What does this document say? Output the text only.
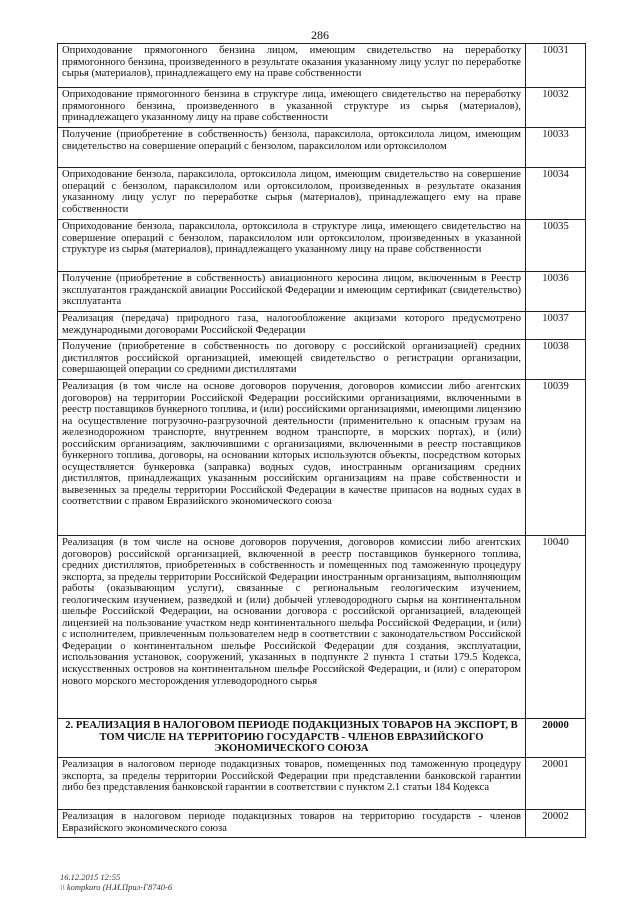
286
Оприходование прямогонного бензина лицом, имеющим свидетельство на переработку прямогонного бензина, произведенного в результате оказания указанному лицу услуг по переработке сырья (материалов), принадлежащего ему на праве собственности	10031
Оприходование прямогонного бензина в структуре лица, имеющего свидетельство на переработку прямогонного бензина, произведенного в указанной структуре из сырья (материалов), принадлежащего указанному лицу на праве собственности	10032
Получение (приобретение в собственность) бензола, параксилола, ортоксилола лицом, имеющим свидетельство на совершение операций с бензолом, параксилолом или ортоксилолом	10033
Оприходование бензола, параксилола, ортоксилола лицом, имеющим свидетельство на совершение операций с бензолом, параксилолом или ортоксилолом, произведенных в результате оказания указанному лицу услуг по переработке сырья (материалов), принадлежащего ему на праве собственности	10034
Оприходование бензола, параксилола, ортоксилола в структуре лица, имеющего свидетельство на совершение операций с бензолом, параксилолом или ортоксилолом, произведенных в указанной структуре из сырья (материалов), принадлежащего указанному лицу на праве собственности	10035
Получение (приобретение в собственность) авиационного керосина лицом, включенным в Реестр эксплуатантов гражданской авиации Российской Федерации и имеющим сертификат (свидетельство) эксплуатанта	10036
Реализация (передача) природного газа, налогообложение акцизами которого предусмотрено международными договорами Российской Федерации	10037
Получение (приобретение в собственность по договору с российской организацией) средних дистиллятов российской организацией, имеющей свидетельство о регистрации организации, совершающей операции со средними дистиллятами	10038
Реализация (в том числе на основе договоров поручения, договоров комиссии либо агентских договоров) на территории Российской Федерации российскими организациями, включенными в реестр поставщиков бункерного топлива, и (или) российскими организациями, имеющими лицензию на осуществление погрузочно-разгрузочной деятельности (применительно к опасным грузам на железнодорожном транспорте, внутреннем водном транспорте, в морских портах), и (или) российским организациям, заключившими с организациями, включенными в реестр поставщиков бункерного топлива, договоры, на основании которых используются объекты, посредством которых осуществляется бункеровка (заправка) водных судов, иностранным организациям средних дистиллятов, принадлежащих указанным российским организациям на праве собственности и вывезенных за пределы территории Российской Федерации в качестве припасов на водных судах в соответствии с правом Евразийского экономического союза	10039
Реализация (в том числе на основе договоров поручения, договоров комиссии либо агентских договоров) российской организацией, включенной в реестр поставщиков бункерного топлива, средних дистиллятов, приобретенных в собственность и помещенных под таможенную процедуру экспорта, за пределы территории Российской Федерации иностранным организациям, выполняющим работы (оказывающим услуги), связанные с региональным геологическим изучением, геологическим изучением, разведкой и (или) добычей углеводородного сырья на континентальном шельфе Российской Федерации, на основании договора с российской организацией, владеющей лицензией на пользование участком недр континентального шельфа Российской Федерации, и (или) с исполнителем, привлеченным пользователем недр в соответствии с законодательством Российской Федерации о континентальном шельфе Российской Федерации для создания, эксплуатации, использования установок, сооружений, указанных в подпункте 2 пункта 1 статьи 179.5 Кодекса, искусственных островов на континентальном шельфе Российской Федерации, и (или) с оператором нового морского месторождения углеводородного сырья	10040
2. РЕАЛИЗАЦИЯ В НАЛОГОВОМ ПЕРИОДЕ ПОДАКЦИЗНЫХ ТОВАРОВ НА ЭКСПОРТ, В ТОМ ЧИСЛЕ НА ТЕРРИТОРИЮ ГОСУДАРСТВ - ЧЛЕНОВ ЕВРАЗИЙСКОГО ЭКОНОМИЧЕСКОГО СОЮЗА	20000
Реализация в налоговом периоде подакцизных товаров, помещенных под таможенную процедуру экспорта, за пределы территории Российской Федерации при представлении банковской гарантии либо без представления банковской гарантии в соответствии с пунктом 2.1 статьи 184 Кодекса	20001
Реализация в налоговом периоде подакцизных товаров на территорию государств - членов Евразийского экономического союза	20002
16.12.2015 12:55
\\ kompkuro (Н.И.Прил-Г8740-6
